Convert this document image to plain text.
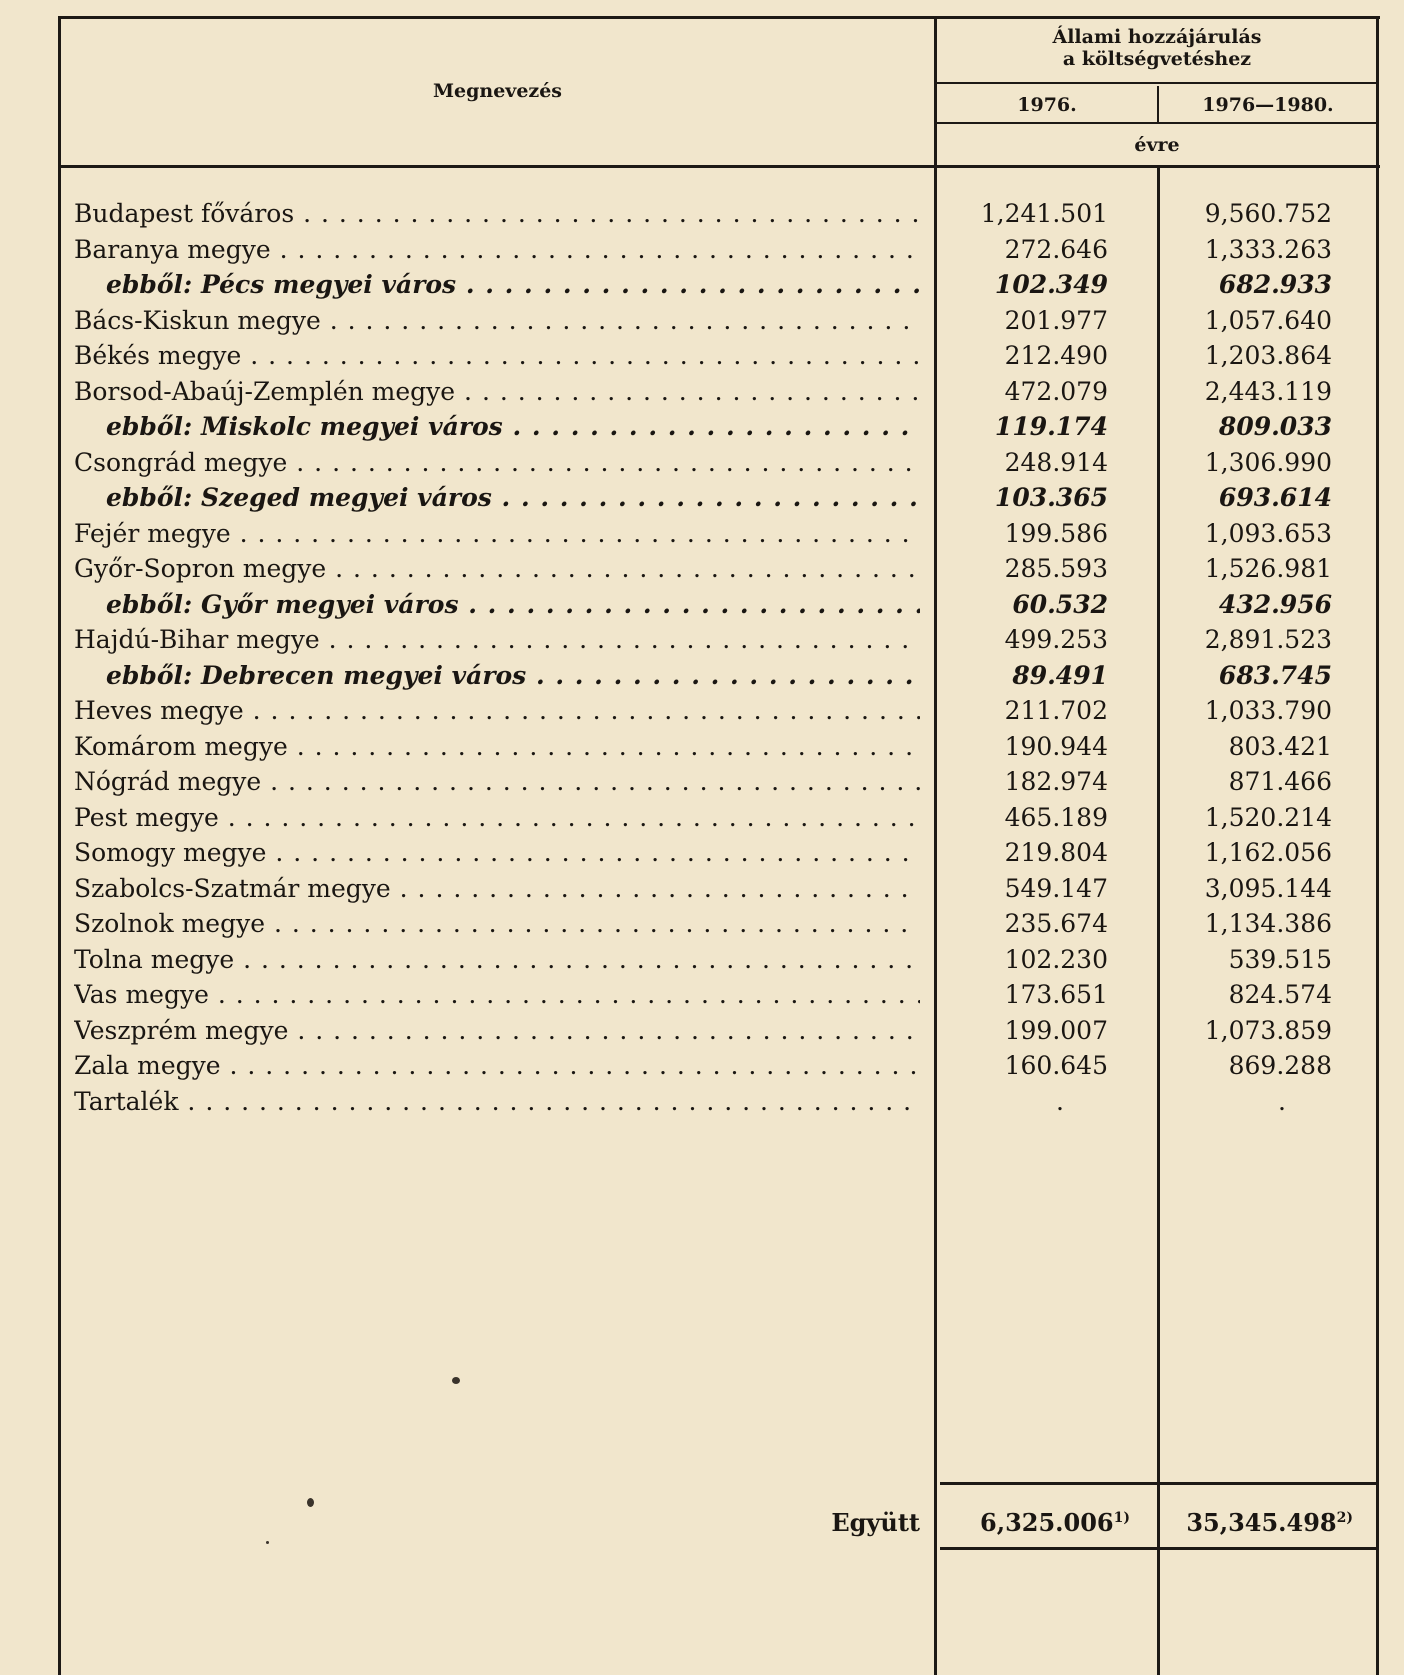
Megnevezés
Állami hozzájárulás
a költségvetéshez
1976.	1976—1980.
évre
Budapest főváros . . .	1,241.501	9,560.752
Baranya megye . . .	272.646	1,333.263
ebből: Pécs megyei város . . .	102.349	682.933
Bács-Kiskun megye . . .	201.977	1,057.640
Békés megye . . .	212.490	1,203.864
Borsod-Abaúj-Zemplén megye . . .	472.079	2,443.119
ebből: Miskolc megyei város . . .	119.174	809.033
Csongrád megye . . .	248.914	1,306.990
ebből: Szeged megyei város . . .	103.365	693.614
Fejér megye . . .	199.586	1,093.653
Győr-Sopron megye . . .	285.593	1,526.981
ebből: Győr megyei város . . .	60.532	432.956
Hajdú-Bihar megye . . .	499.253	2,891.523
ebből: Debrecen megyei város . . .	89.491	683.745
Heves megye . . .	211.702	1,033.790
Komárom megye . . .	190.944	803.421
Nógrád megye . . .	182.974	871.466
Pest megye . . .	465.189	1,520.214
Somogy megye . . .	219.804	1,162.056
Szabolcs-Szatmár megye . . .	549.147	3,095.144
Szolnok megye . . .	235.674	1,134.386
Tolna megye . . .	102.230	539.515
Vas megye . . .	173.651	824.574
Veszprém megye . . .	199.007	1,073.859
Zala megye . . .	160.645	869.288
Tartalék . . .	.	.
Együtt	6,325.006$^{1)}$	35,345.498$^{2)}$
